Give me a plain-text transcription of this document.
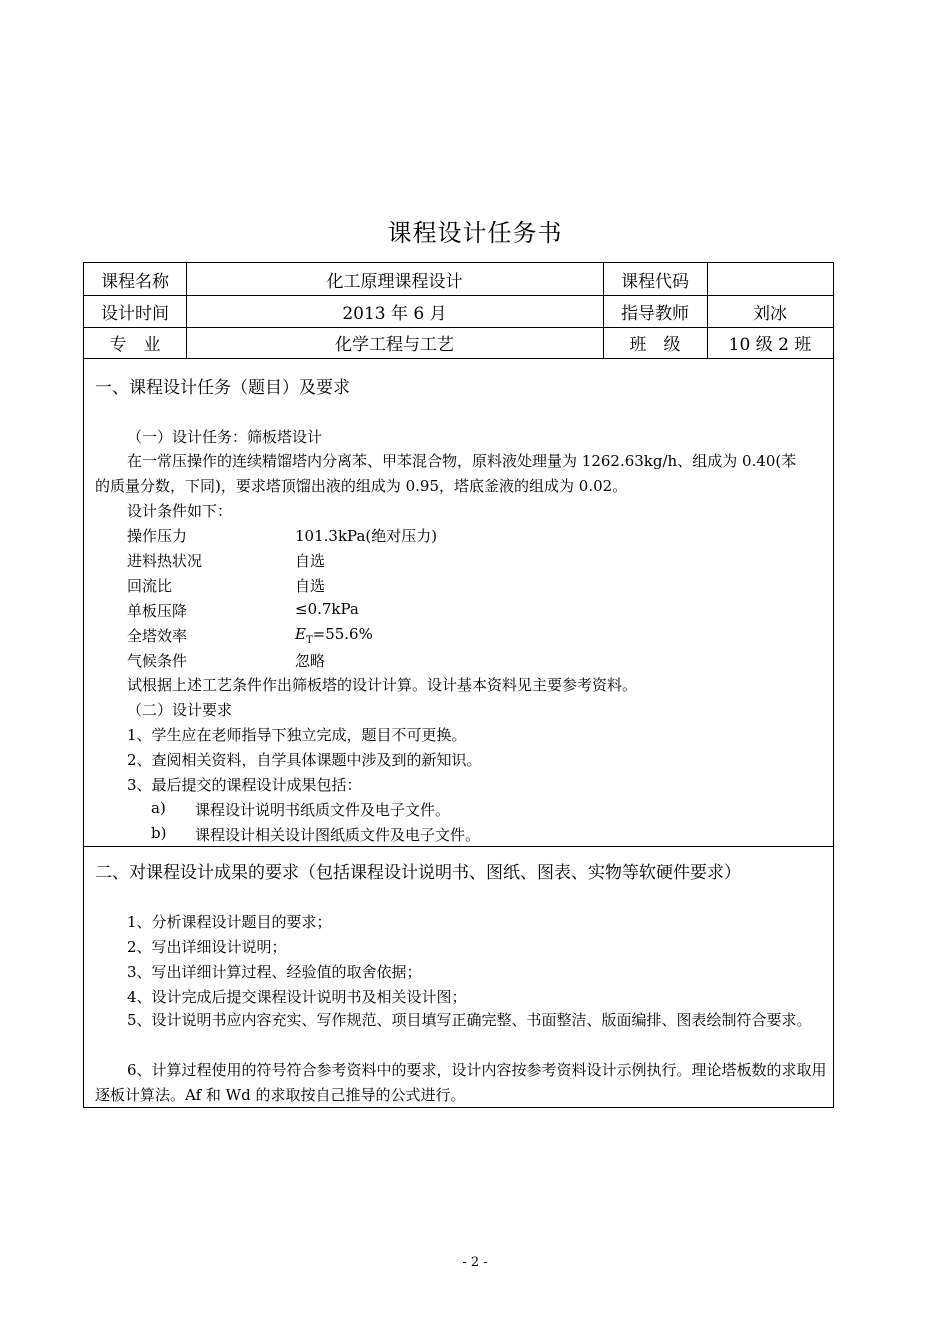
课程设计任务书
课程名称	化工原理课程设计	课程代码
设计时间	2013 年 6 月	指导教师	刘冰
专　业	化学工程与工艺	班　级	10 级 2 班
一、课程设计任务（题目）及要求
（一）设计任务：筛板塔设计
在一常压操作的连续精馏塔内分离苯、甲苯混合物，原料液处理量为 1262.63kg/h、组成为 0.40(苯
的质量分数，下同)，要求塔顶馏出液的组成为 0.95，塔底釜液的组成为 0.02。
设计条件如下：
操作压力	101.3kPa(绝对压力)
进料热状况	自选
回流比	自选
单板压降	≤0.7kPa
全塔效率	$E_T=55.6\%$
气候条件	忽略
试根据上述工艺条件作出筛板塔的设计计算。设计基本资料见主要参考资料。
（二）设计要求
1、学生应在老师指导下独立完成，题目不可更换。
2、查阅相关资料，自学具体课题中涉及到的新知识。
3、最后提交的课程设计成果包括：
a) 课程设计说明书纸质文件及电子文件。
b) 课程设计相关设计图纸质文件及电子文件。
二、对课程设计成果的要求（包括课程设计说明书、图纸、图表、实物等软硬件要求）
1、分析课程设计题目的要求；
2、写出详细设计说明；
3、写出详细计算过程、经验值的取舍依据；
4、设计完成后提交课程设计说明书及相关设计图；
5、设计说明书应内容充实、写作规范、项目填写正确完整、书面整洁、版面编排、图表绘制符合要求。
6、计算过程使用的符号符合参考资料中的要求，设计内容按参考资料设计示例执行。理论塔板数的求取用逐板计算法。Af 和 Wd 的求取按自己推导的公式进行。
- 2 -
